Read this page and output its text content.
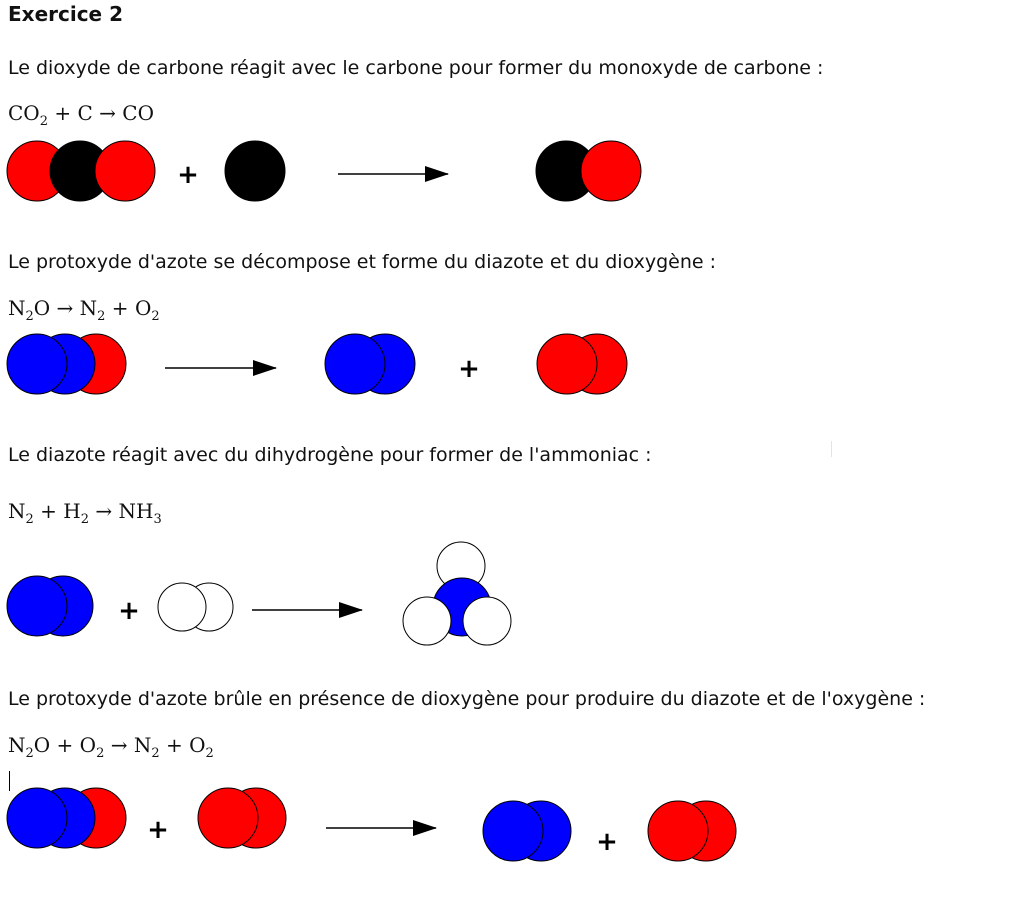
Exercice 2
Le dioxyde de carbone réagit avec le carbone pour former du monoxyde de carbone :
$CO_2 + C$ → CO
Le protoxyde d'azote se décompose et forme du diazote et du dioxygène :
$N_2O \to N_2 + O_2$
Le diazote réagit avec du dihydrogène pour former de l'ammoniac :
$N_2 + H_2 \to NH_3$
Le protoxyde d'azote brûle en présence de dioxygène pour produire du diazote et de l'oxygène :
$N_2O + O_2 \to N_2 + O_2$
+
+
+
+	+
